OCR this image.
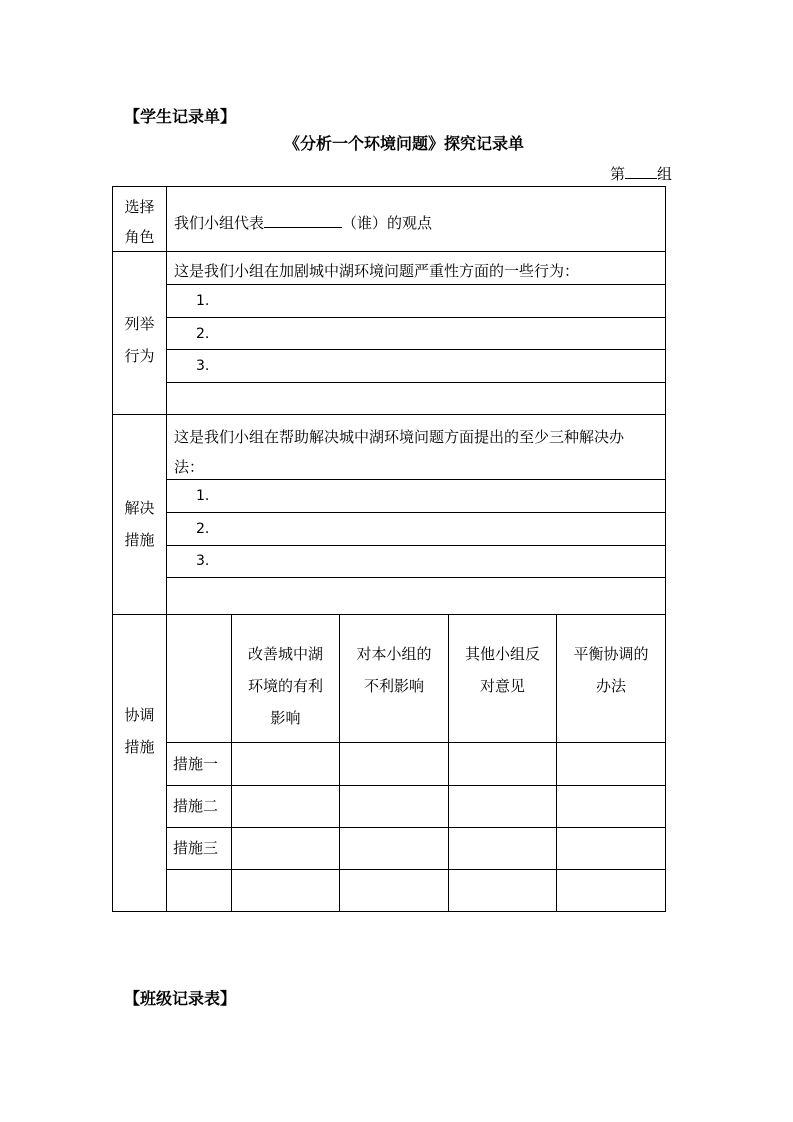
【学生记录单】
《分析一个环境问题》探究记录单
第 组
选择
角色
我们小组代表	（谁）的观点
列举
行为
这是我们小组在加剧城中湖环境问题严重性方面的一些行为：
1.
2.
3.
解决
措施
这是我们小组在帮助解决城中湖环境问题方面提出的至少三种解决办
法：
1.
2.
3.
协调
措施
改善城中湖
环境的有利
影响
对本小组的
不利影响
其他小组反
对意见
平衡协调的
办法
措施一
措施二
措施三
【班级记录表】
